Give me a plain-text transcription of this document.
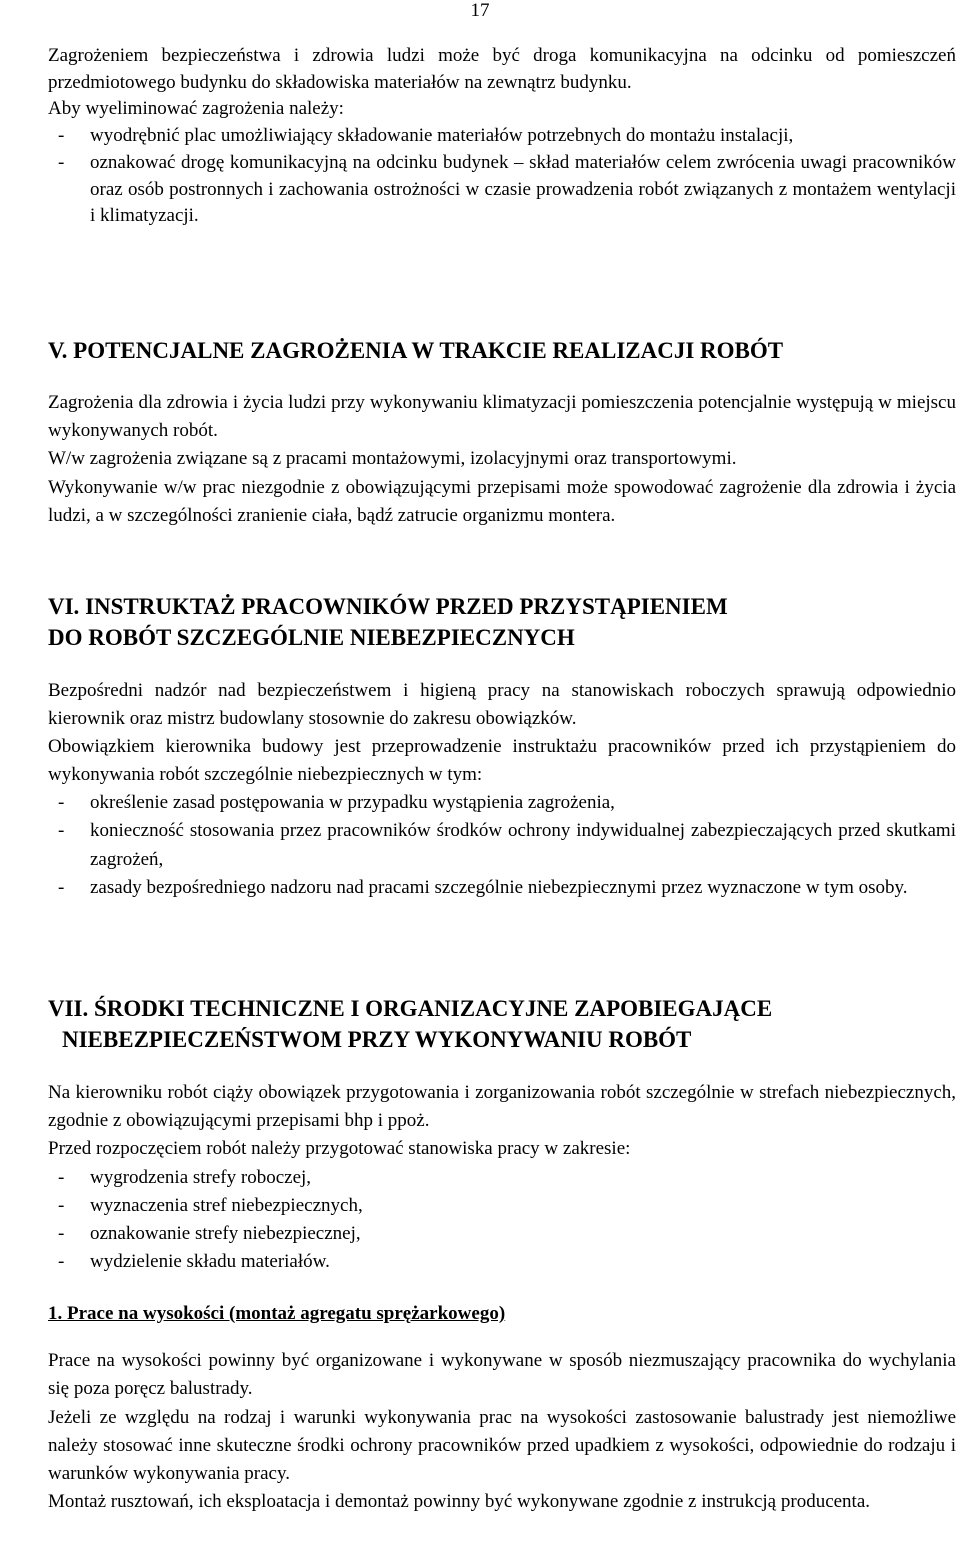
17

Zagrożeniem bezpieczeństwa i zdrowia ludzi może być droga komunikacyjna na odcinku od pomieszczeń przedmiotowego budynku do składowiska materiałów na zewnątrz budynku.

Aby wyeliminować zagrożenia należy:

- wyodrębnić plac umożliwiający składowanie materiałów potrzebnych do montażu instalacji,
- oznakować drogę komunikacyjną na odcinku budynek – skład materiałów celem zwrócenia uwagi pracowników oraz osób postronnych i zachowania ostrożności w czasie prowadzenia robót związanych z montażem wentylacji i klimatyzacji.
V. POTENCJALNE ZAGROŻENIA W TRAKCIE REALIZACJI ROBÓT

Zagrożenia dla zdrowia i życia ludzi przy wykonywaniu klimatyzacji pomieszczenia potencjalnie występują w miejscu wykonywanych robót.

W/w zagrożenia związane są z pracami montażowymi, izolacyjnymi oraz transportowymi.

Wykonywanie w/w prac niezgodnie z obowiązującymi przepisami może spowodować zagrożenie dla zdrowia i życia ludzi, a w szczególności zranienie ciała, bądź zatrucie organizmu montera.

VI. INSTRUKTAŻ PRACOWNIKÓW PRZED PRZYSTĄPIENIEM
DO ROBÓT SZCZEGÓLNIE NIEBEZPIECZNYCH

Bezpośredni nadzór nad bezpieczeństwem i higieną pracy na stanowiskach roboczych sprawują odpowiednio kierownik oraz mistrz budowlany stosownie do zakresu obowiązków.

Obowiązkiem kierownika budowy jest przeprowadzenie instruktażu pracowników przed ich przystąpieniem do wykonywania robót szczególnie niebezpiecznych w tym:

- określenie zasad postępowania w przypadku wystąpienia zagrożenia,
- konieczność stosowania przez pracowników środków ochrony indywidualnej zabezpieczających przed skutkami zagrożeń,
- zasady bezpośredniego nadzoru nad pracami szczególnie niebezpiecznymi przez wyznaczone w tym osoby.
VII. ŚRODKI TECHNICZNE I ORGANIZACYJNE ZAPOBIEGAJĄCE
NIEBEZPIECZEŃSTWOM PRZY WYKONYWANIU ROBÓT

Na kierowniku robót ciąży obowiązek przygotowania i zorganizowania robót szczególnie w strefach niebezpiecznych, zgodnie z obowiązującymi przepisami bhp i ppoż.

Przed rozpoczęciem robót należy przygotować stanowiska pracy w zakresie:

- wygrodzenia strefy roboczej,
- wyznaczenia stref niebezpiecznych,
- oznakowanie strefy niebezpiecznej,
- wydzielenie składu materiałów.
1. Prace na wysokości (montaż agregatu sprężarkowego)

Prace na wysokości powinny być organizowane i wykonywane w sposób niezmuszający pracownika do wychylania się poza poręcz balustrady.

Jeżeli ze względu na rodzaj i warunki wykonywania prac na wysokości zastosowanie balustrady jest niemożliwe należy stosować inne skuteczne środki ochrony pracowników przed upadkiem z wysokości, odpowiednie do rodzaju i warunków wykonywania pracy.

Montaż rusztowań, ich eksploatacja i demontaż powinny być wykonywane zgodnie z instrukcją producenta.
